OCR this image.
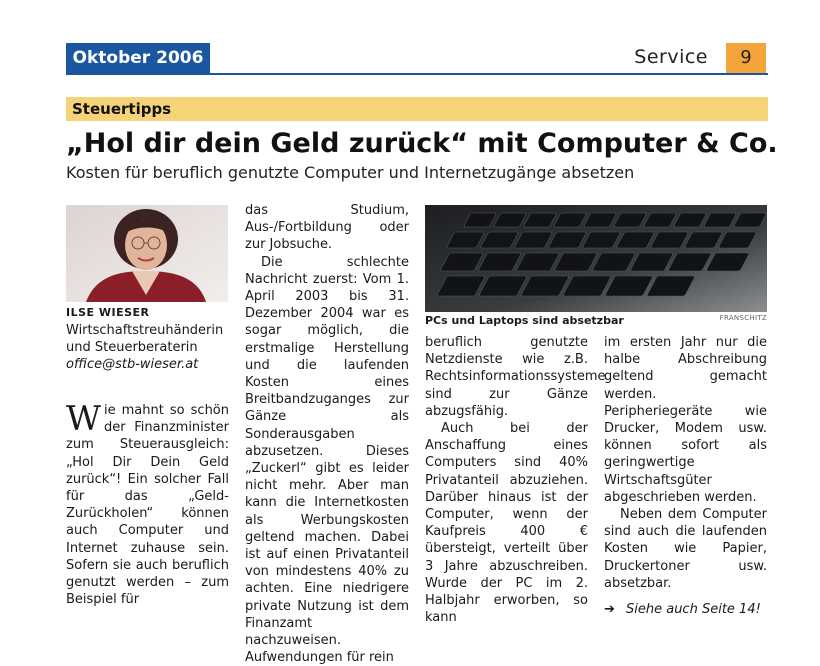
Oktober 2006	Service	9
Steuertipps
„Hol dir dein Geld zurück“ mit Computer & Co.
Kosten für beruflich genutzte Computer und Internetzugänge absetzen
ILSE WIESER
Wirtschaftstreuhänderin
und Steuerberaterin
office@stb-wieser.at

Wie mahnt so schön der Finanzminister zum Steuerausgleich: „Hol Dir Dein Geld zurück“! Ein solcher Fall für das „Geld-Zurückholen“ können auch Computer und Internet zuhause sein. Sofern sie auch beruflich genutzt werden – zum Beispiel für

das Studium, Aus-/Fortbildung oder zur Jobsuche.

Die schlechte Nachricht zuerst: Vom 1. April 2003 bis 31. Dezember 2004 war es sogar möglich, die erstmalige Herstellung und die laufenden Kosten eines Breitbandzuganges zur Gänze als Sonderausgaben abzusetzen. Dieses „Zuckerl“ gibt es leider nicht mehr. Aber man kann die Internetkosten als Werbungskosten geltend machen. Dabei ist auf einen Privatanteil von mindestens 40% zu achten. Eine niedrigere private Nutzung ist dem Finanzamt nachzuweisen. Aufwendungen für rein

PCs und Laptops sind absetzbar	FRANSCHITZ

beruflich genutzte Netzdienste wie z.B. Rechtsinformationssysteme sind zur Gänze abzugsfähig.

Auch bei der Anschaffung eines Computers sind 40% Privatanteil abzuziehen. Darüber hinaus ist der Computer, wenn der Kaufpreis 400 € übersteigt, verteilt über 3 Jahre abzuschreiben. Wurde der PC im 2. Halbjahr erworben, so kann

im ersten Jahr nur die halbe Abschreibung geltend gemacht werden. Peripheriegeräte wie Drucker, Modem usw. können sofort als geringwertige Wirtschaftsgüter abgeschrieben werden.

Neben dem Computer sind auch die laufenden Kosten wie Papier, Druckertoner usw. absetzbar.

➔ Siehe auch Seite 14!
